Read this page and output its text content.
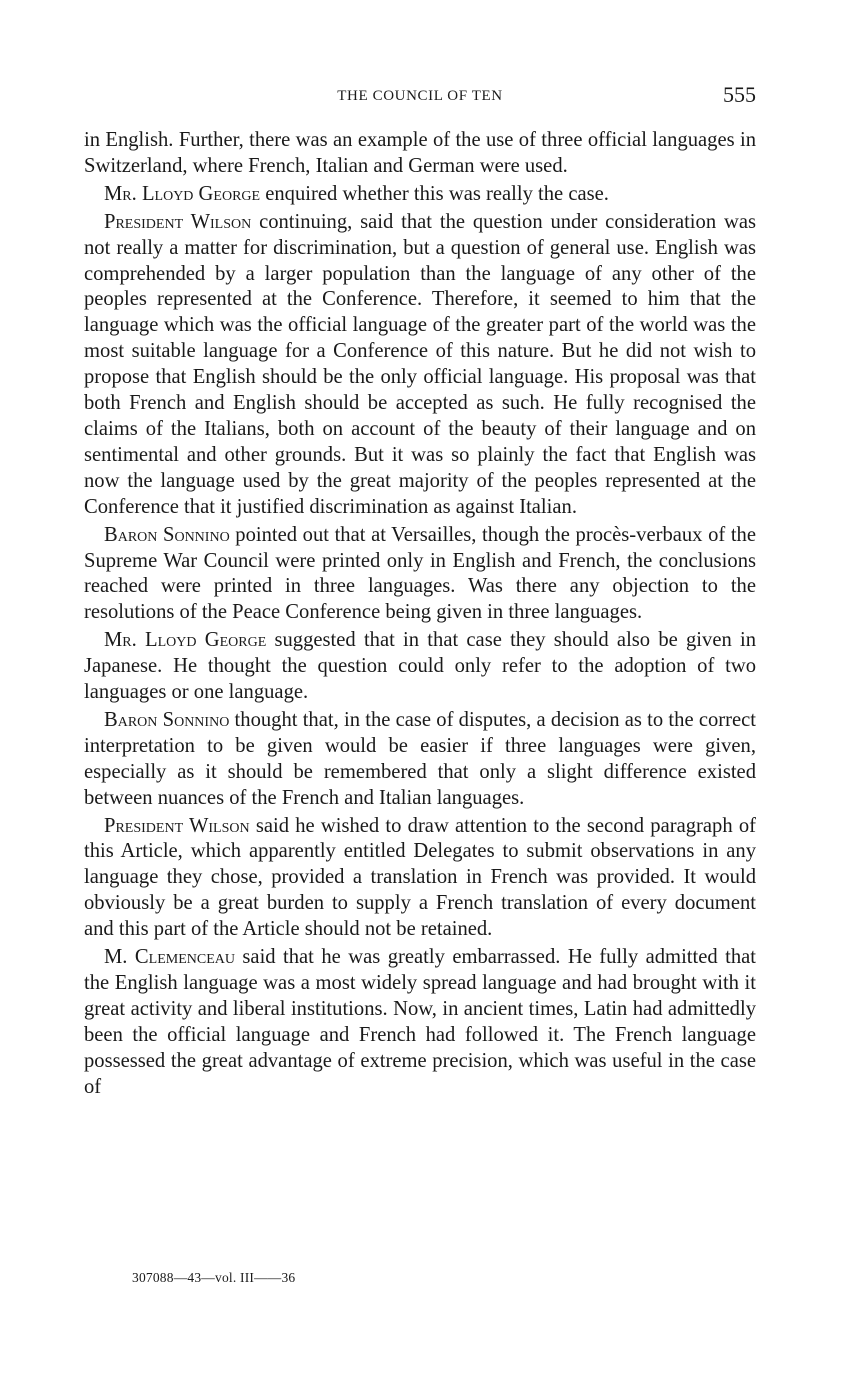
THE COUNCIL OF TEN	555

in English. Further, there was an example of the use of three official languages in Switzerland, where French, Italian and German were used.

Mr. Lloyd George enquired whether this was really the case.

President Wilson continuing, said that the question under consideration was not really a matter for discrimination, but a question of general use. English was comprehended by a larger population than the language of any other of the peoples represented at the Conference. Therefore, it seemed to him that the language which was the official language of the greater part of the world was the most suitable language for a Conference of this nature. But he did not wish to propose that English should be the only official language. His proposal was that both French and English should be accepted as such. He fully recognised the claims of the Italians, both on account of the beauty of their language and on sentimental and other grounds. But it was so plainly the fact that English was now the language used by the great majority of the peoples represented at the Conference that it justified discrimination as against Italian.

Baron Sonnino pointed out that at Versailles, though the procès-verbaux of the Supreme War Council were printed only in English and French, the conclusions reached were printed in three languages. Was there any objection to the resolutions of the Peace Conference being given in three languages.

Mr. Lloyd George suggested that in that case they should also be given in Japanese. He thought the question could only refer to the adoption of two languages or one language.

Baron Sonnino thought that, in the case of disputes, a decision as to the correct interpretation to be given would be easier if three languages were given, especially as it should be remembered that only a slight difference existed between nuances of the French and Italian languages.

President Wilson said he wished to draw attention to the second paragraph of this Article, which apparently entitled Delegates to submit observations in any language they chose, provided a translation in French was provided. It would obviously be a great burden to supply a French translation of every document and this part of the Article should not be retained.

M. Clemenceau said that he was greatly embarrassed. He fully admitted that the English language was a most widely spread language and had brought with it great activity and liberal institutions. Now, in ancient times, Latin had admittedly been the official language and French had followed it. The French language possessed the great advantage of extreme precision, which was useful in the case of

307088—43—vol. III——36
